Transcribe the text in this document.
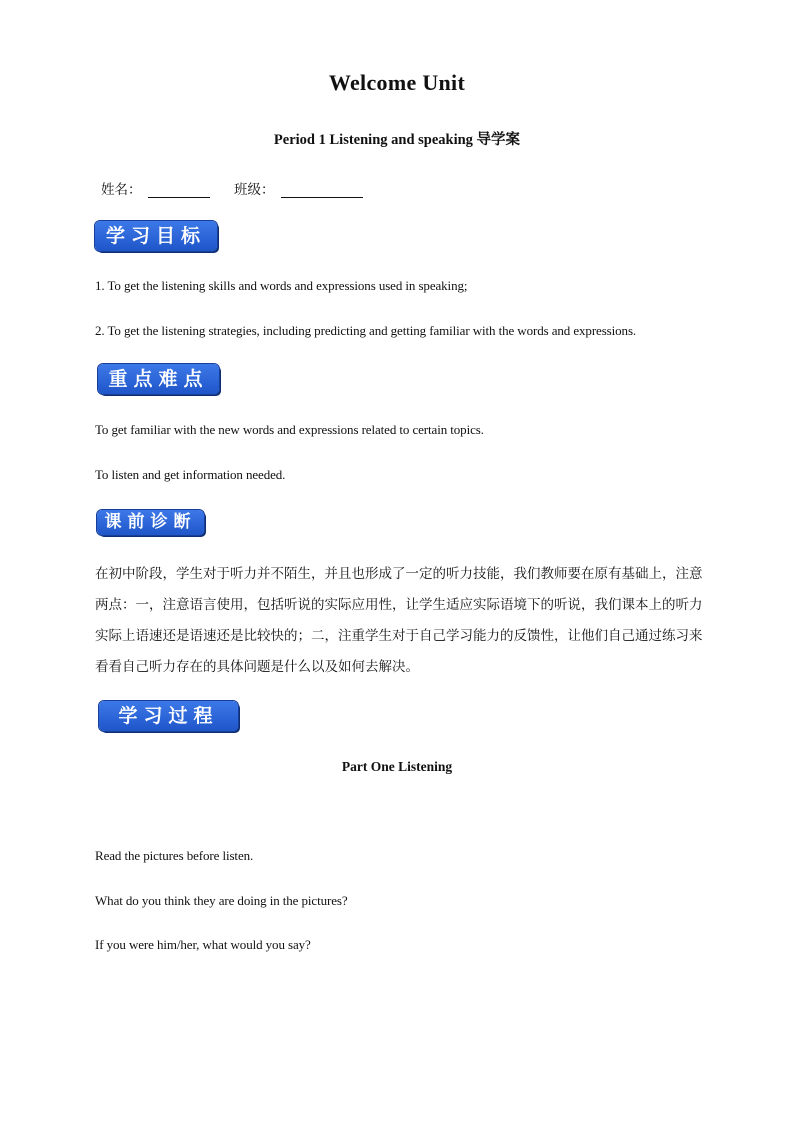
Welcome Unit
Period 1 Listening and speaking 导学案
姓名：	班级：
学习目标
1. To get the listening skills and words and expressions used in speaking;
2. To get the listening strategies, including predicting and getting familiar with the words and expressions.
重点难点
To get familiar with the new words and expressions related to certain topics.
To listen and get information needed.
课前诊断
在初中阶段，学生对于听力并不陌生，并且也形成了一定的听力技能，我们教师要在原有基础上，注意两点：一，注意语言使用，包括听说的实际应用性，让学生适应实际语境下的听说，我们课本上的听力实际上语速还是语速还是比较快的；二，注重学生对于自己学习能力的反馈性，让他们自己通过练习来看看自己听力存在的具体问题是什么以及如何去解决。
学习过程
Part One Listening
Read the pictures before listen.
What do you think they are doing in the pictures?
If you were him/her, what would you say?
